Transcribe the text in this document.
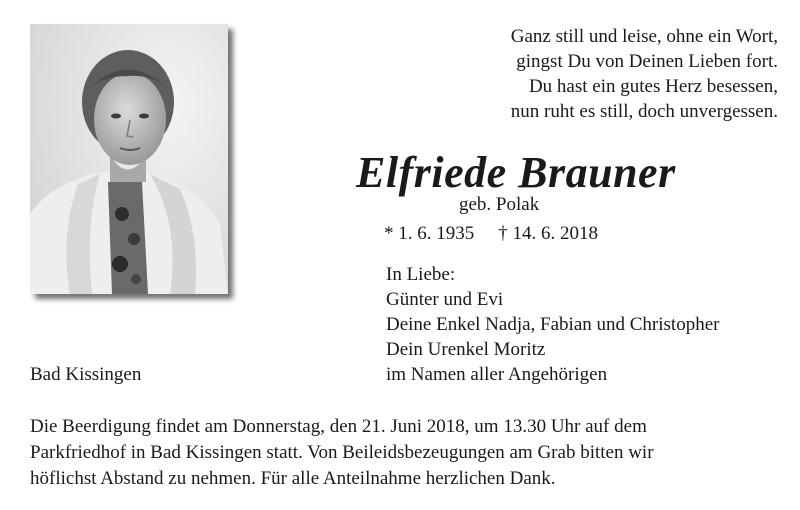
Ganz still und leise, ohne ein Wort,
gingst Du von Deinen Lieben fort.
Du hast ein gutes Herz besessen,
nun ruht es still, doch unvergessen.
Elfriede Brauner
geb. Polak
* 1. 6. 1935 † 14. 6. 2018
In Liebe:
Günter und Evi
Deine Enkel Nadja, Fabian und Christopher
Dein Urenkel Moritz
im Namen aller Angehörigen
Bad Kissingen
Die Beerdigung findet am Donnerstag, den 21. Juni 2018, um 13.30 Uhr auf dem
Parkfriedhof in Bad Kissingen statt. Von Beileidsbezeugungen am Grab bitten wir
höflichst Abstand zu nehmen. Für alle Anteilnahme herzlichen Dank.
